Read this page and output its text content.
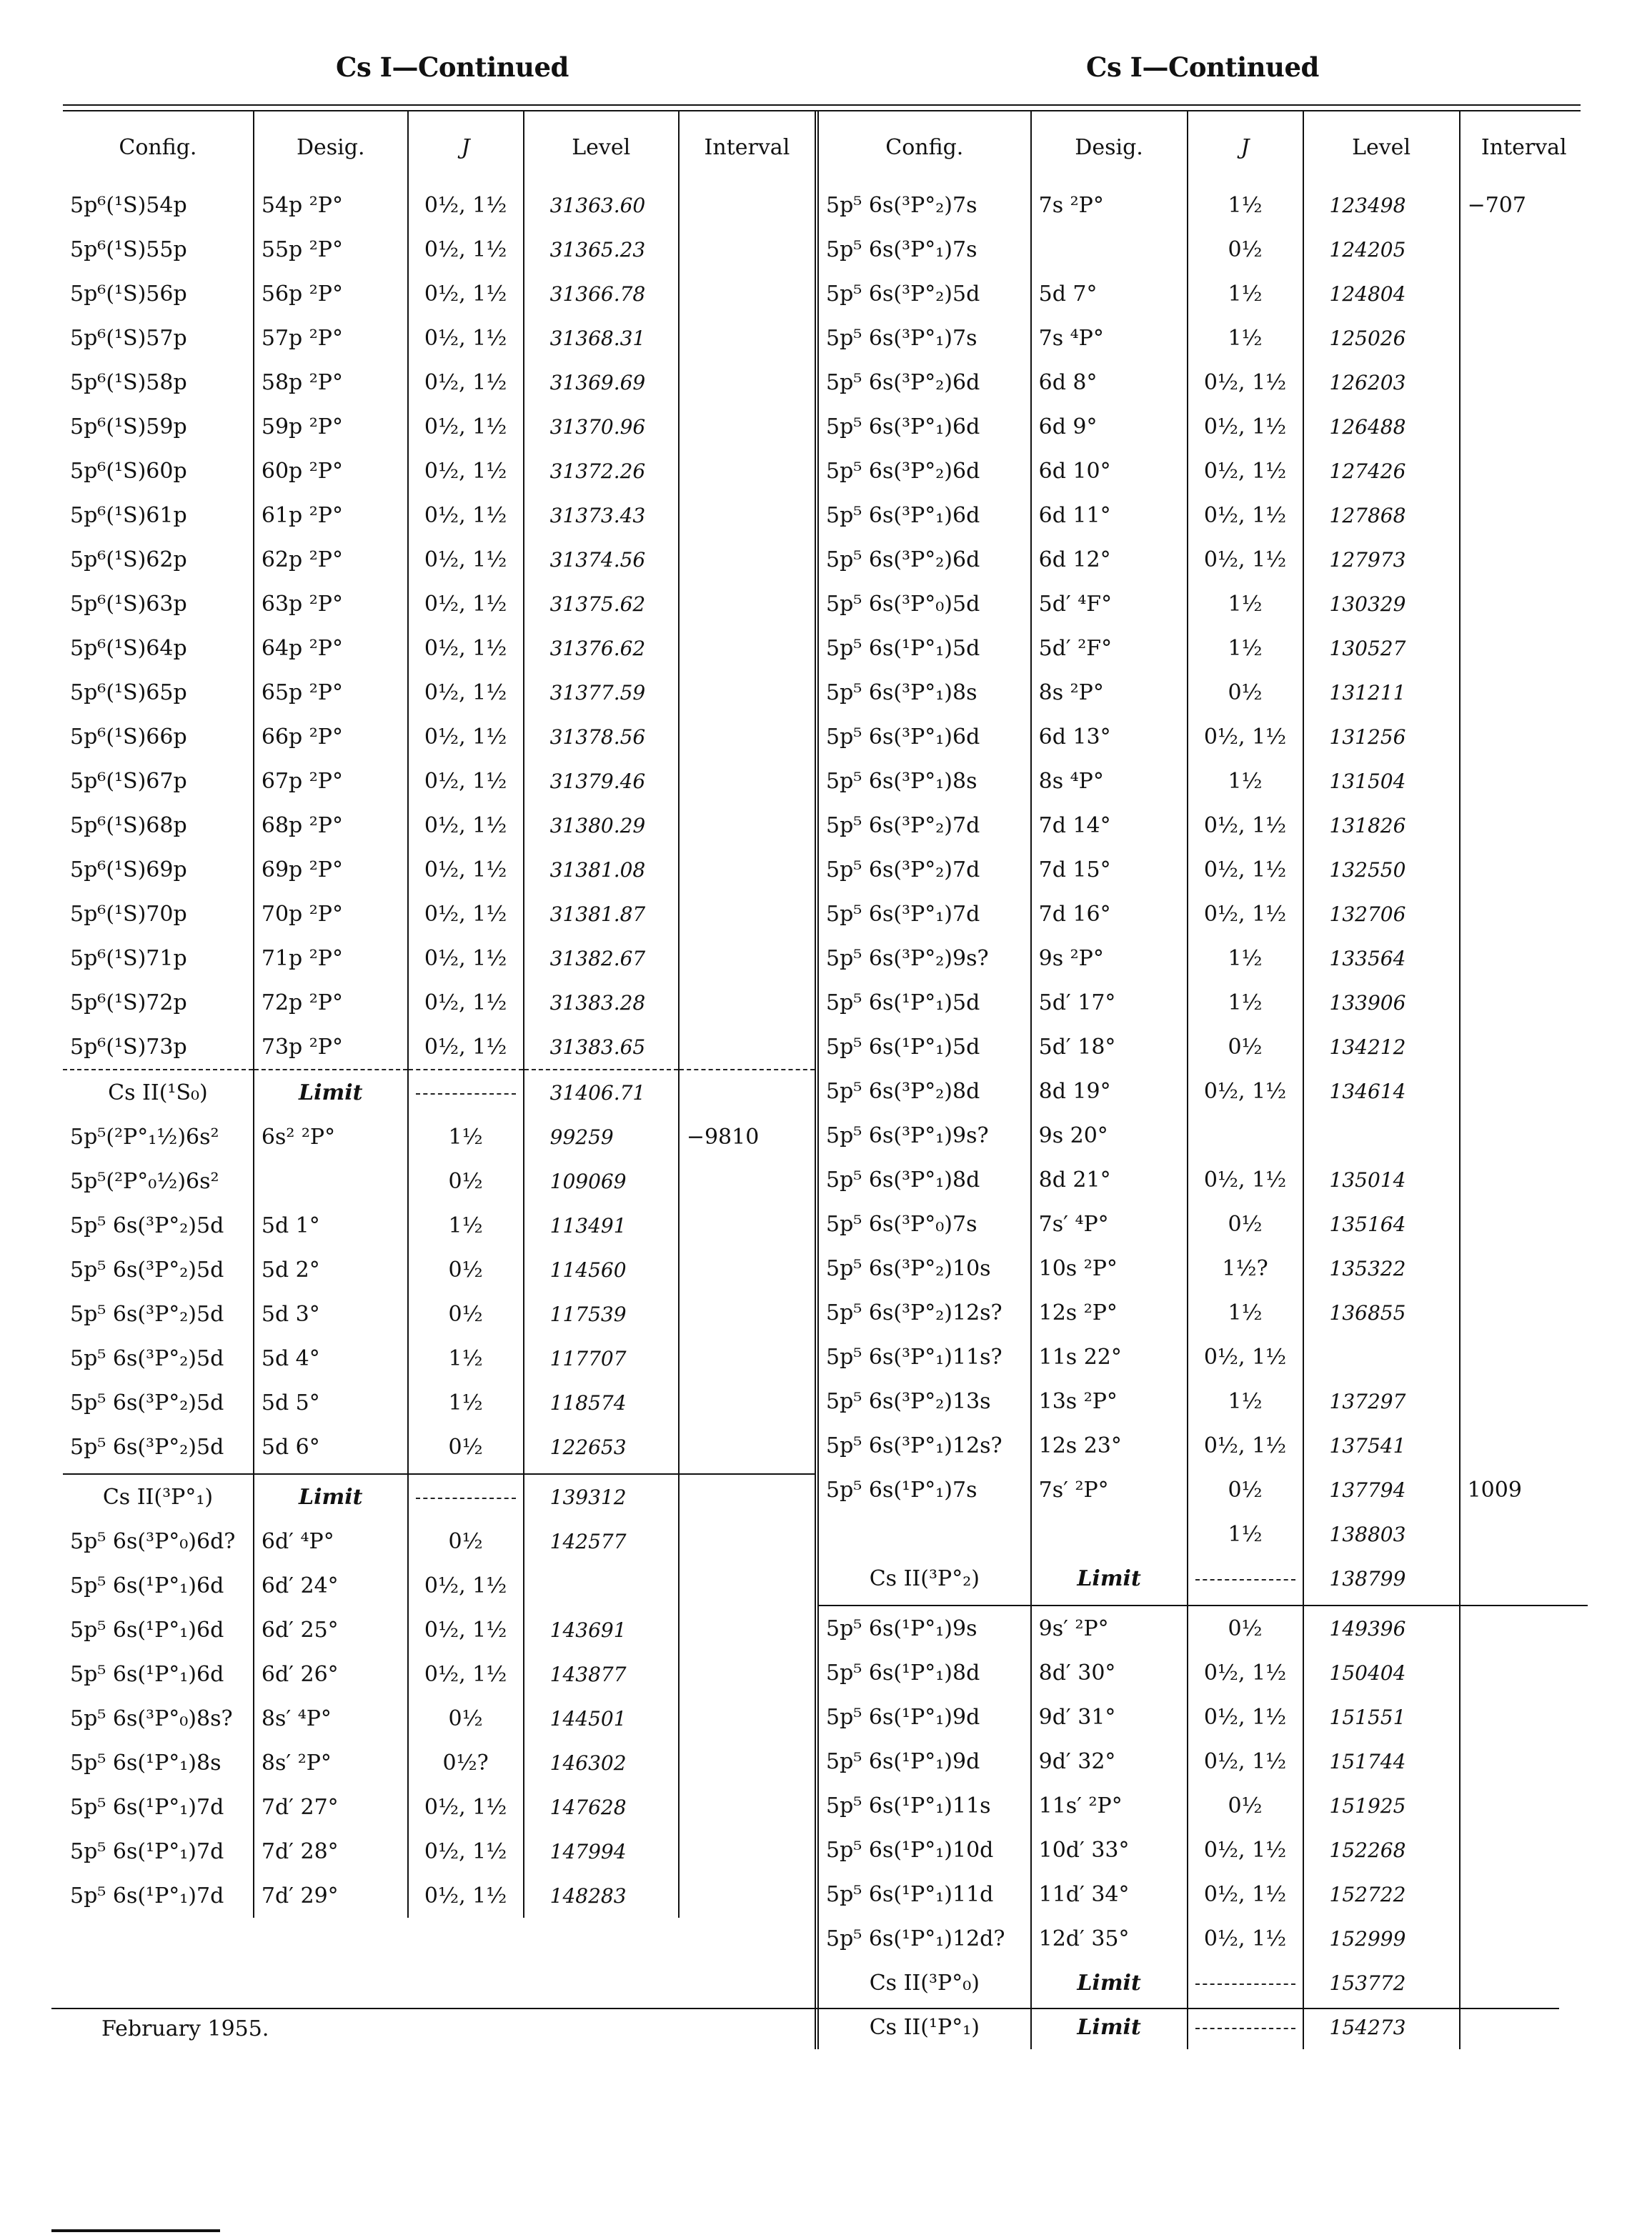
Cs I—Continued	Cs I—Continued
Config.	Desig.	J	Level	Interval
5p⁶(¹S)54p	54p ²P°	0½, 1½	31363.60	
5p⁶(¹S)55p	55p ²P°	0½, 1½	31365.23	
5p⁶(¹S)56p	56p ²P°	0½, 1½	31366.78	
5p⁶(¹S)57p	57p ²P°	0½, 1½	31368.31	
5p⁶(¹S)58p	58p ²P°	0½, 1½	31369.69	
5p⁶(¹S)59p	59p ²P°	0½, 1½	31370.96	
5p⁶(¹S)60p	60p ²P°	0½, 1½	31372.26	
5p⁶(¹S)61p	61p ²P°	0½, 1½	31373.43	
5p⁶(¹S)62p	62p ²P°	0½, 1½	31374.56	
5p⁶(¹S)63p	63p ²P°	0½, 1½	31375.62	
5p⁶(¹S)64p	64p ²P°	0½, 1½	31376.62	
5p⁶(¹S)65p	65p ²P°	0½, 1½	31377.59	
5p⁶(¹S)66p	66p ²P°	0½, 1½	31378.56	
5p⁶(¹S)67p	67p ²P°	0½, 1½	31379.46	
5p⁶(¹S)68p	68p ²P°	0½, 1½	31380.29	
5p⁶(¹S)69p	69p ²P°	0½, 1½	31381.08	
5p⁶(¹S)70p	70p ²P°	0½, 1½	31381.87	
5p⁶(¹S)71p	71p ²P°	0½, 1½	31382.67	
5p⁶(¹S)72p	72p ²P°	0½, 1½	31383.28	
5p⁶(¹S)73p	73p ²P°	0½, 1½	31383.65	
Cs II(¹S₀)	Limit		31406.71	
5p⁵(²P°₁½)6s²	6s² ²P°	1½	99259	−9810
5p⁵(²P°₀½)6s²		0½	109069	
5p⁵ 6s(³P°₂)5d	5d 1°	1½	113491	
5p⁵ 6s(³P°₂)5d	5d 2°	0½	114560	
5p⁵ 6s(³P°₂)5d	5d 3°	0½	117539	
5p⁵ 6s(³P°₂)5d	5d 4°	1½	117707	
5p⁵ 6s(³P°₂)5d	5d 5°	1½	118574	
5p⁵ 6s(³P°₂)5d	5d 6°	0½	122653	

Cs II(³P°₁)	Limit		139312	
5p⁵ 6s(³P°₀)6d?	6d′ ⁴P°	0½	142577	
5p⁵ 6s(¹P°₁)6d	6d′ 24°	0½, 1½		
5p⁵ 6s(¹P°₁)6d	6d′ 25°	0½, 1½	143691	
5p⁵ 6s(¹P°₁)6d	6d′ 26°	0½, 1½	143877	
5p⁵ 6s(³P°₀)8s?	8s′ ⁴P°	0½	144501	
5p⁵ 6s(¹P°₁)8s	8s′ ²P°	0½?	146302	
5p⁵ 6s(¹P°₁)7d	7d′ 27°	0½, 1½	147628	
5p⁵ 6s(¹P°₁)7d	7d′ 28°	0½, 1½	147994	
5p⁵ 6s(¹P°₁)7d	7d′ 29°	0½, 1½	148283	
Config.	Desig.	J	Level	Interval
5p⁵ 6s(³P°₂)7s	7s ²P°	1½	123498	−707
5p⁵ 6s(³P°₁)7s		0½	124205	
5p⁵ 6s(³P°₂)5d	5d 7°	1½	124804	
5p⁵ 6s(³P°₁)7s	7s ⁴P°	1½	125026	
5p⁵ 6s(³P°₂)6d	6d 8°	0½, 1½	126203	
5p⁵ 6s(³P°₁)6d	6d 9°	0½, 1½	126488	
5p⁵ 6s(³P°₂)6d	6d 10°	0½, 1½	127426	
5p⁵ 6s(³P°₁)6d	6d 11°	0½, 1½	127868	
5p⁵ 6s(³P°₂)6d	6d 12°	0½, 1½	127973	
5p⁵ 6s(³P°₀)5d	5d′ ⁴F°	1½	130329	
5p⁵ 6s(¹P°₁)5d	5d′ ²F°	1½	130527	
5p⁵ 6s(³P°₁)8s	8s ²P°	0½	131211	
5p⁵ 6s(³P°₁)6d	6d 13°	0½, 1½	131256	
5p⁵ 6s(³P°₁)8s	8s ⁴P°	1½	131504	
5p⁵ 6s(³P°₂)7d	7d 14°	0½, 1½	131826	
5p⁵ 6s(³P°₂)7d	7d 15°	0½, 1½	132550	
5p⁵ 6s(³P°₁)7d	7d 16°	0½, 1½	132706	
5p⁵ 6s(³P°₂)9s?	9s ²P°	1½	133564	
5p⁵ 6s(¹P°₁)5d	5d′ 17°	1½	133906	
5p⁵ 6s(¹P°₁)5d	5d′ 18°	0½	134212	
5p⁵ 6s(³P°₂)8d	8d 19°	0½, 1½	134614	
5p⁵ 6s(³P°₁)9s?	9s 20°			
5p⁵ 6s(³P°₁)8d	8d 21°	0½, 1½	135014	
5p⁵ 6s(³P°₀)7s	7s′ ⁴P°	0½	135164	
5p⁵ 6s(³P°₂)10s	10s ²P°	1½?	135322	
5p⁵ 6s(³P°₂)12s?	12s ²P°	1½	136855	
5p⁵ 6s(³P°₁)11s?	11s 22°	0½, 1½		
5p⁵ 6s(³P°₂)13s	13s ²P°	1½	137297	
5p⁵ 6s(³P°₁)12s?	12s 23°	0½, 1½	137541	
5p⁵ 6s(¹P°₁)7s	7s′ ²P°	0½	137794	1009
		1½	138803	
Cs II(³P°₂)	Limit		138799	

5p⁵ 6s(¹P°₁)9s	9s′ ²P°	0½	149396	
5p⁵ 6s(¹P°₁)8d	8d′ 30°	0½, 1½	150404	
5p⁵ 6s(¹P°₁)9d	9d′ 31°	0½, 1½	151551	
5p⁵ 6s(¹P°₁)9d	9d′ 32°	0½, 1½	151744	
5p⁵ 6s(¹P°₁)11s	11s′ ²P°	0½	151925	
5p⁵ 6s(¹P°₁)10d	10d′ 33°	0½, 1½	152268	
5p⁵ 6s(¹P°₁)11d	11d′ 34°	0½, 1½	152722	
5p⁵ 6s(¹P°₁)12d?	12d′ 35°	0½, 1½	152999	
Cs II(³P°₀)	Limit		153772	
Cs II(¹P°₁)	Limit		154273	
February 1955.
